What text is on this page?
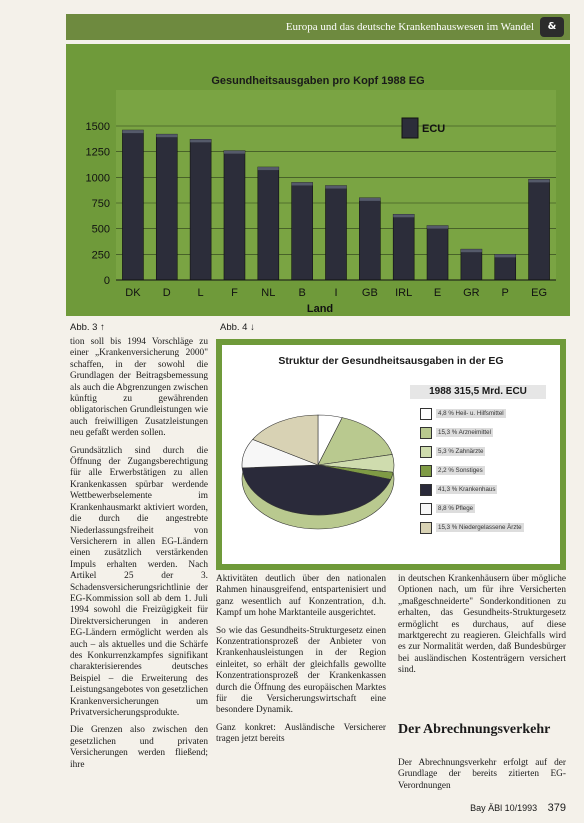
Europa und das deutsche Krankenhauswesen im Wandel	&
Gesundheitsausgaben pro Kopf 1988 EG
0
250
500
750
1000
1250
1500
DK D L F NL B	I GB IRL E GR P EG
Land
ECU
Abb. 3 ↑	Abb. 4 ↓

tion soll bis 1994 Vorschläge zu einer „Krankenversicherung 2000" schaffen, in der sowohl die Grundlagen der Beitragsbemessung als auch die Abgrenzungen zwischen künftig zu gewährenden obligatorischen Grundleistungen wie auch freiwilligen Zusatzleistungen neu gefaßt werden sollen.

Grundsätzlich sind durch die Öffnung der Zugangsberechtigung für alle Erwerbstätigen zu allen Krankenkassen spürbar werdende Wettbewerbselemente im Krankenhausmarkt aktiviert worden, die durch die angestrebte Niederlassungsfreiheit von Versicherern in allen EG-Ländern einen zusätzlich verstärkenden Impuls erhalten werden. Nach Artikel 25 der 3. Schadensversicherungsrichtlinie der EG-Kommission soll ab dem 1. Juli 1994 sowohl die Freizügigkeit für Direktversicherungen in anderen EG-Ländern ermöglicht werden als auch – als aktuelles und die Schärfe des Konkurrenzkampfes signifikant charakterisierendes deutsches Beispiel – die Erweiterung des Leistungsangebotes von gesetzlichen Krankenversicherungen um Privatversicherungsprodukte.

Die Grenzen also zwischen den gesetzlichen und privaten Versicherungen werden fließend; ihre

Struktur der Gesundheitsausgaben in der EG
1988 315,5 Mrd. ECU
4,8 % Heil- u. Hilfsmittel
15,3 % Arzneimittel
5,3 % Zahnärzte
2,2 % Sonstiges
41,3 % Krankenhaus
8,8 % Pflege
15,3 % Niedergelassene Ärzte

Aktivitäten deutlich über den nationalen Rahmen hinausgreifend, entspartenisiert und ganz wesentlich auf Konzentration, d.h. Kampf um hohe Marktanteile ausgerichtet.

So wie das Gesundheits-Strukturgesetz einen Konzentrationsprozeß der Anbieter von Krankenhausleistungen in der Region einleitet, so erhält der gleichfalls gewollte Konzentrationsprozeß der Krankenkassen durch die Öffnung des europäischen Marktes für die Versicherungswirtschaft eine besondere Dynamik.

Ganz konkret: Ausländische Versicherer tragen jetzt bereits

in deutschen Krankenhäusern über mögliche Optionen nach, um für ihre Versicherten „maßgeschneiderte" Sonderkonditionen zu erhalten, das Gesundheits-Strukturgesetz ermöglicht es durchaus, auf diese marktgerecht zu reagieren. Gleichfalls wird es zur Normalität werden, daß Bundesbürger bei ausländischen Kostenträgern versichert sind.

Der Abrechnungsverkehr

Der Abrechnungsverkehr erfolgt auf der Grundlage der bereits zitierten EG-Verordnungen

Bay ÄBl 10/1993 379
